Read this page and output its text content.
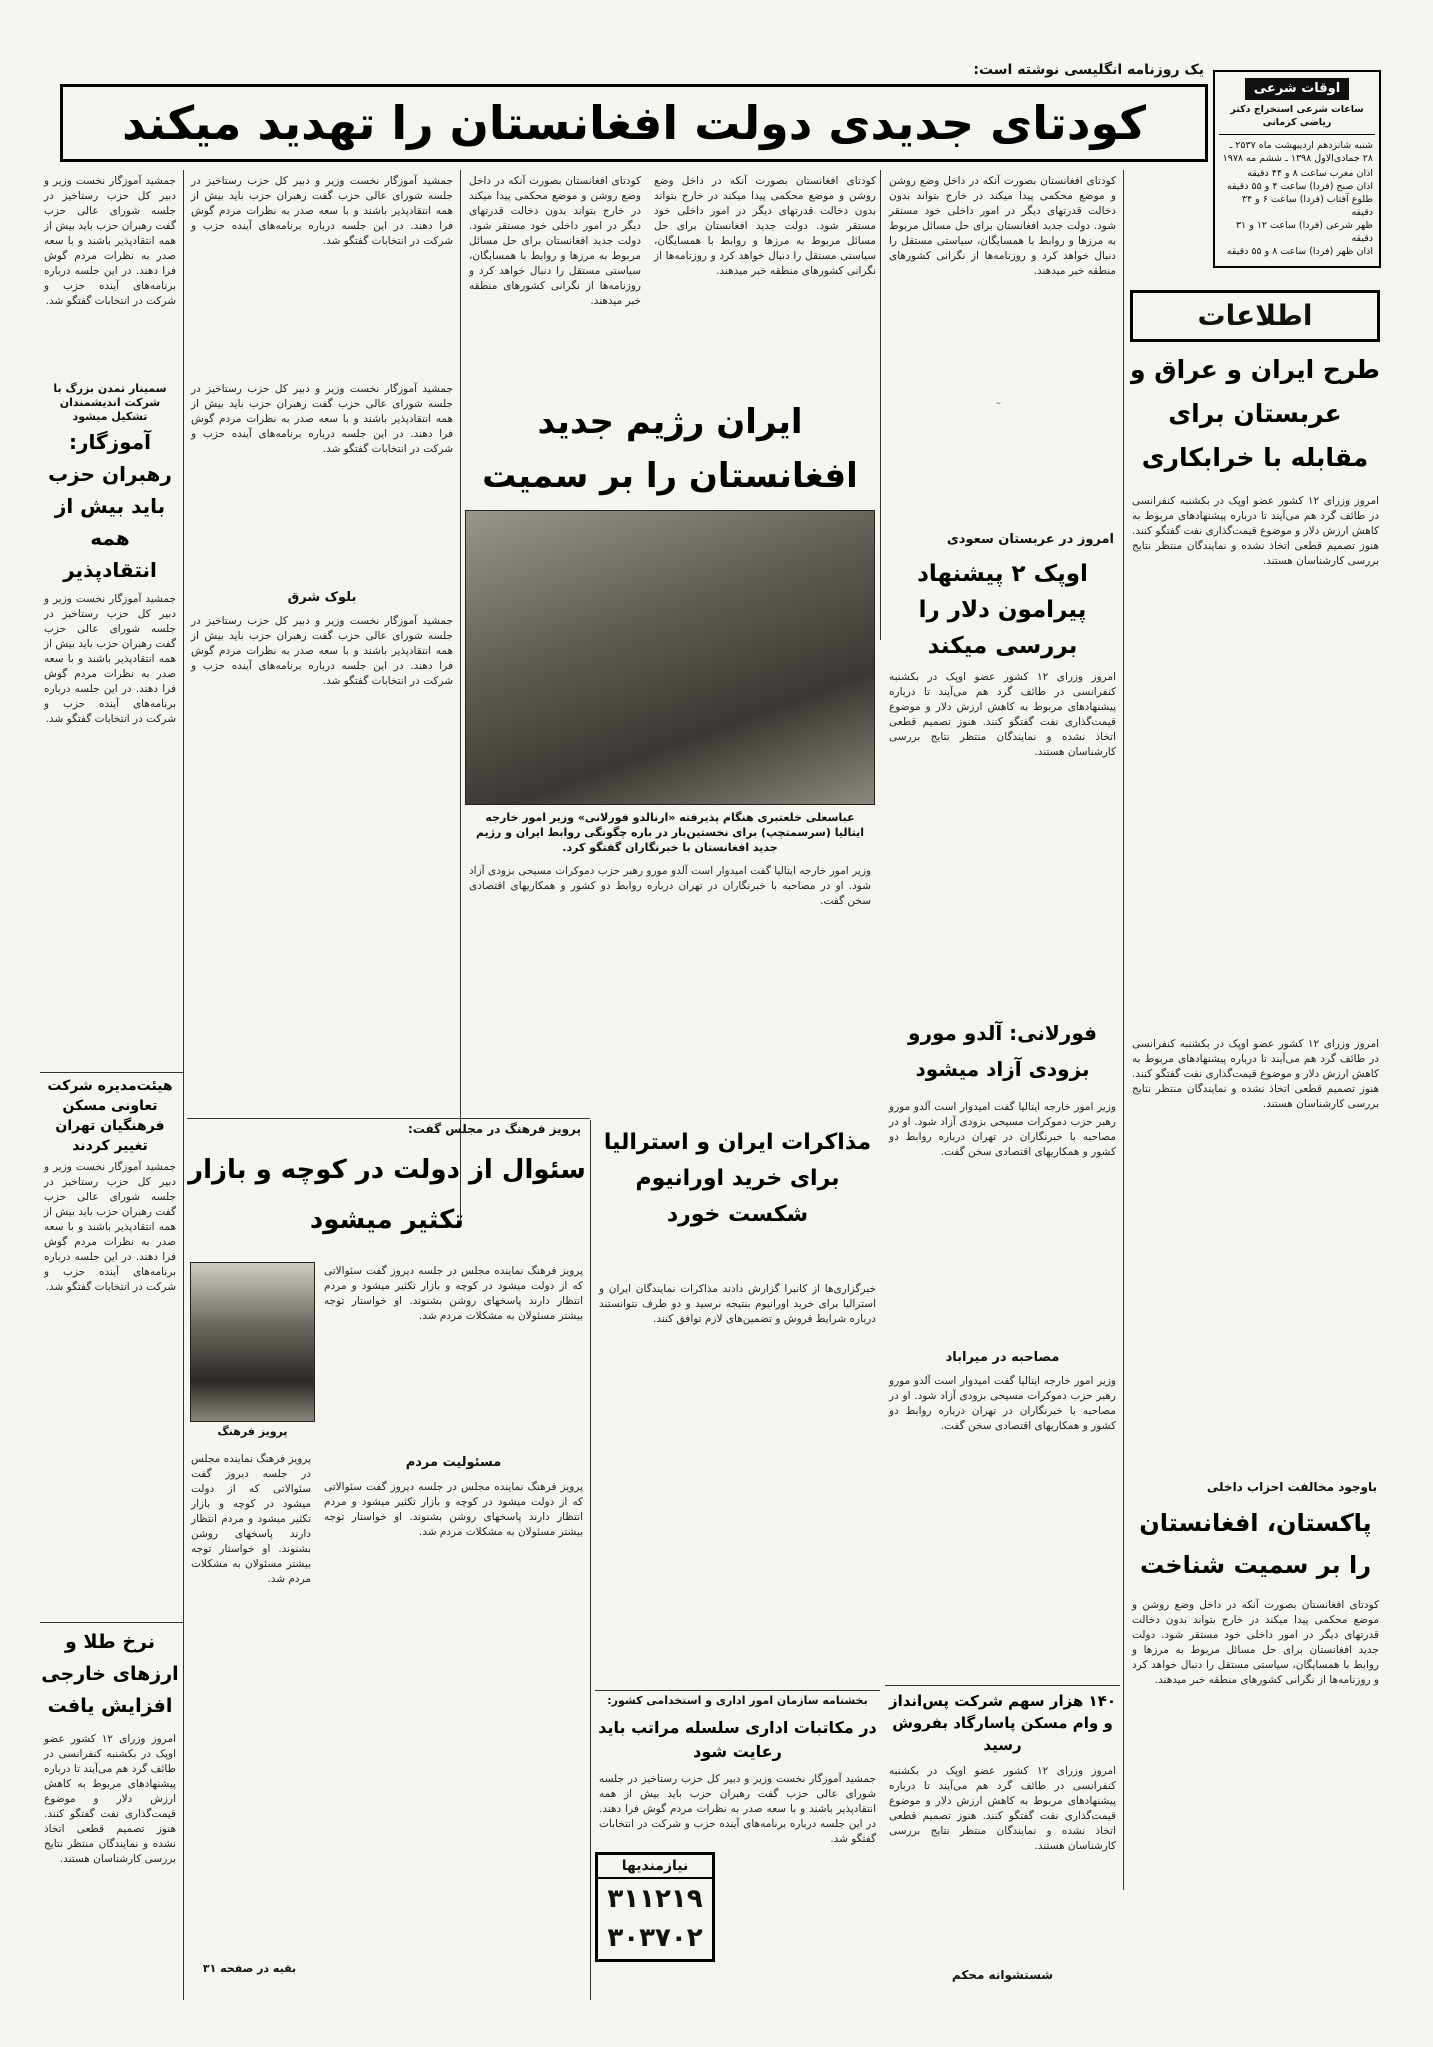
یک روزنامه انگلیسی نوشته است:
کودتای جدیدی دولت افغانستان را تهدید میکند
اوقات شرعی
ساعات شرعی استخراج دکتر ریاضی کرمانی
شنبه شانزدهم اردیبهشت ماه ۲۵۳۷ ـ ۲۸ جمادی‌الاول ۱۳۹۸ ـ ششم مه ۱۹۷۸
اذان مغرب ساعت ۸ و ۴۴ دقیقه
اذان صبح (فردا) ساعت ۴ و ۵۵ دقیقه
طلوع آفتاب (فردا) ساعت ۶ و ۳۴ دقیقه
ظهر شرعی (فردا) ساعت ۱۲ و ۳۱ دقیقه
اذان ظهر (فردا) ساعت ۸ و ۵۵ دقیقه
اطلاعات
طرح ایران و عراق و عربستان برای مقابله با خرابکاری
کودتای افغانستان بصورت آنکه در داخل وضع روشن و موضع محکمی پیدا میکند در خارج بتواند بدون دخالت قدرتهای دیگر در امور داخلی خود مستقر شود. دولت جدید افغانستان برای حل مسائل مربوط به مرزها و روابط با همسایگان، سیاستی مستقل را دنبال خواهد کرد و روزنامه‌ها از نگرانی کشورهای منطقه خبر میدهند.
کودتای افغانستان بصورت آنکه در داخل وضع روشن و موضع محکمی پیدا میکند در خارج بتواند بدون دخالت قدرتهای دیگر در امور داخلی خود مستقر شود. دولت جدید افغانستان برای حل مسائل مربوط به مرزها و روابط با همسایگان، سیاستی مستقل را دنبال خواهد کرد و روزنامه‌ها از نگرانی کشورهای منطقه خبر میدهند.
کودتای افغانستان بصورت آنکه در داخل وضع روشن و موضع محکمی پیدا میکند در خارج بتواند بدون دخالت قدرتهای دیگر در امور داخلی خود مستقر شود. دولت جدید افغانستان برای حل مسائل مربوط به مرزها و روابط با همسایگان، سیاستی مستقل را دنبال خواهد کرد و روزنامه‌ها از نگرانی کشورهای منطقه خبر میدهند.
جمشید آموزگار نخست وزیر و دبیر کل حزب رستاخیز در جلسه شورای عالی حزب گفت رهبران حزب باید بیش از همه انتقادپذیر باشند و با سعه صدر به نظرات مردم گوش فرا دهند. در این جلسه درباره برنامه‌های آینده حزب و شرکت در انتخابات گفتگو شد.
جمشید آموزگار نخست وزیر و دبیر کل حزب رستاخیز در جلسه شورای عالی حزب گفت رهبران حزب باید بیش از همه انتقادپذیر باشند و با سعه صدر به نظرات مردم گوش فرا دهند. در این جلسه درباره برنامه‌های آینده حزب و شرکت در انتخابات گفتگو شد.
سمینار تمدن بزرگ با شرکت اندیشمندان تشکیل میشود
آموزگار: رهبران حزب باید بیش از همه انتقادپذیر
جمشید آموزگار نخست وزیر و دبیر کل حزب رستاخیز در جلسه شورای عالی حزب گفت رهبران حزب باید بیش از همه انتقادپذیر باشند و با سعه صدر به نظرات مردم گوش فرا دهند. در این جلسه درباره برنامه‌های آینده حزب و شرکت در انتخابات گفتگو شد.
ایران رژیم جدید افغانستان را بر سمیت
بلوک شرق
جمشید آموزگار نخست وزیر و دبیر کل حزب رستاخیز در جلسه شورای عالی حزب گفت رهبران حزب باید بیش از همه انتقادپذیر باشند و با سعه صدر به نظرات مردم گوش فرا دهند. در این جلسه درباره برنامه‌های آینده حزب و شرکت در انتخابات گفتگو شد.
جمشید آموزگار نخست وزیر و دبیر کل حزب رستاخیز در جلسه شورای عالی حزب گفت رهبران حزب باید بیش از همه انتقادپذیر باشند و با سعه صدر به نظرات مردم گوش فرا دهند. در این جلسه درباره برنامه‌های آینده حزب و شرکت در انتخابات گفتگو شد.
عباسعلی خلعتبری هنگام پذیرفته «ارنالدو فورلانی» وزیر امور خارجه ایتالیا (سرسمتچپ) برای نخستین‌بار در باره چگونگی روابط ایران و رژیم جدید افغانستان با خبرنگاران گفتگو کرد.
وزیر امور خارجه ایتالیا گفت امیدوار است آلدو مورو رهبر حزب دموکرات مسیحی بزودی آزاد شود. او در مصاحبه با خبرنگاران در تهران درباره روابط دو کشور و همکاریهای اقتصادی سخن گفت.
امروز در عربستان سعودی
اوپک ۲ پیشنهاد پیرامون دلار را بررسی میکند
امروز وزرای ۱۲ کشور عضو اوپک در بکشنبه کنفرانسی در طائف گرد هم می‌آیند تا درباره پیشنهادهای مربوط به کاهش ارزش دلار و موضوع قیمت‌گذاری نفت گفتگو کنند. هنوز تصمیم قطعی اتخاذ نشده و نمایندگان منتظر نتایج بررسی کارشناسان هستند.
امروز وزرای ۱۲ کشور عضو اوپک در بکشنبه کنفرانسی در طائف گرد هم می‌آیند تا درباره پیشنهادهای مربوط به کاهش ارزش دلار و موضوع قیمت‌گذاری نفت گفتگو کنند. هنوز تصمیم قطعی اتخاذ نشده و نمایندگان منتظر نتایج بررسی کارشناسان هستند.
فورلانی: آلدو مورو بزودی آزاد میشود
وزیر امور خارجه ایتالیا گفت امیدوار است آلدو مورو رهبر حزب دموکرات مسیحی بزودی آزاد شود. او در مصاحبه با خبرنگاران در تهران درباره روابط دو کشور و همکاریهای اقتصادی سخن گفت.
مصاحبه در میراباد
وزیر امور خارجه ایتالیا گفت امیدوار است آلدو مورو رهبر حزب دموکرات مسیحی بزودی آزاد شود. او در مصاحبه با خبرنگاران در تهران درباره روابط دو کشور و همکاریهای اقتصادی سخن گفت.
امروز وزرای ۱۲ کشور عضو اوپک در بکشنبه کنفرانسی در طائف گرد هم می‌آیند تا درباره پیشنهادهای مربوط به کاهش ارزش دلار و موضوع قیمت‌گذاری نفت گفتگو کنند. هنوز تصمیم قطعی اتخاذ نشده و نمایندگان منتظر نتایج بررسی کارشناسان هستند.
باوجود مخالفت احزاب داخلی
پاکستان، افغانستان را بر سمیت شناخت
کودتای افغانستان بصورت آنکه در داخل وضع روشن و موضع محکمی پیدا میکند در خارج بتواند بدون دخالت قدرتهای دیگر در امور داخلی خود مستقر شود. دولت جدید افغانستان برای حل مسائل مربوط به مرزها و روابط با همسایگان، سیاستی مستقل را دنبال خواهد کرد و روزنامه‌ها از نگرانی کشورهای منطقه خبر میدهند.
۱۴۰ هزار سهم شرکت پس‌انداز و وام مسکن پاسارگاد بفروش رسید
امروز وزرای ۱۲ کشور عضو اوپک در بکشنبه کنفرانسی در طائف گرد هم می‌آیند تا درباره پیشنهادهای مربوط به کاهش ارزش دلار و موضوع قیمت‌گذاری نفت گفتگو کنند. هنوز تصمیم قطعی اتخاذ نشده و نمایندگان منتظر نتایج بررسی کارشناسان هستند.
شستشوانه محکم
مذاکرات ایران و استرالیا برای خرید اورانیوم شکست خورد
خبرگزاری‌ها از کانبرا گزارش دادند مذاکرات نمایندگان ایران و استرالیا برای خرید اورانیوم بنتیجه نرسید و دو طرف نتوانستند درباره شرایط فروش و تضمین‌های لازم توافق کنند.
بخشنامه سازمان امور اداری و استخدامی کشور:
در مکاتبات اداری سلسله مراتب باید رعایت شود
جمشید آموزگار نخست وزیر و دبیر کل حزب رستاخیز در جلسه شورای عالی حزب گفت رهبران حزب باید بیش از همه انتقادپذیر باشند و با سعه صدر به نظرات مردم گوش فرا دهند. در این جلسه درباره برنامه‌های آینده حزب و شرکت در انتخابات گفتگو شد.
نیازمندیها
۳۱۱۲۱۹
۳۰۳۷۰۲
پرویز فرهنگ در مجلس گفت:
سئوال از دولت در کوچه و بازار تکثیر میشود
پرویز فرهنگ
پرویز فرهنگ نماینده مجلس در جلسه دیروز گفت سئوالاتی که از دولت میشود در کوچه و بازار تکثیر میشود و مردم انتظار دارند پاسخهای روشن بشنوند. او خواستار توجه بیشتر مسئولان به مشکلات مردم شد.
مسئولیت مردم
پرویز فرهنگ نماینده مجلس در جلسه دیروز گفت سئوالاتی که از دولت میشود در کوچه و بازار تکثیر میشود و مردم انتظار دارند پاسخهای روشن بشنوند. او خواستار توجه بیشتر مسئولان به مشکلات مردم شد.
پرویز فرهنگ نماینده مجلس در جلسه دیروز گفت سئوالاتی که از دولت میشود در کوچه و بازار تکثیر میشود و مردم انتظار دارند پاسخهای روشن بشنوند. او خواستار توجه بیشتر مسئولان به مشکلات مردم شد.
هیئت‌مدیره شرکت تعاونی مسکن فرهنگیان تهران تغییر کردند
جمشید آموزگار نخست وزیر و دبیر کل حزب رستاخیز در جلسه شورای عالی حزب گفت رهبران حزب باید بیش از همه انتقادپذیر باشند و با سعه صدر به نظرات مردم گوش فرا دهند. در این جلسه درباره برنامه‌های آینده حزب و شرکت در انتخابات گفتگو شد.
نرخ طلا و ارزهای خارجی افزایش یافت
امروز وزرای ۱۲ کشور عضو اوپک در بکشنبه کنفرانسی در طائف گرد هم می‌آیند تا درباره پیشنهادهای مربوط به کاهش ارزش دلار و موضوع قیمت‌گذاری نفت گفتگو کنند. هنوز تصمیم قطعی اتخاذ نشده و نمایندگان منتظر نتایج بررسی کارشناسان هستند.
بقیه در صفحه ۳۱
